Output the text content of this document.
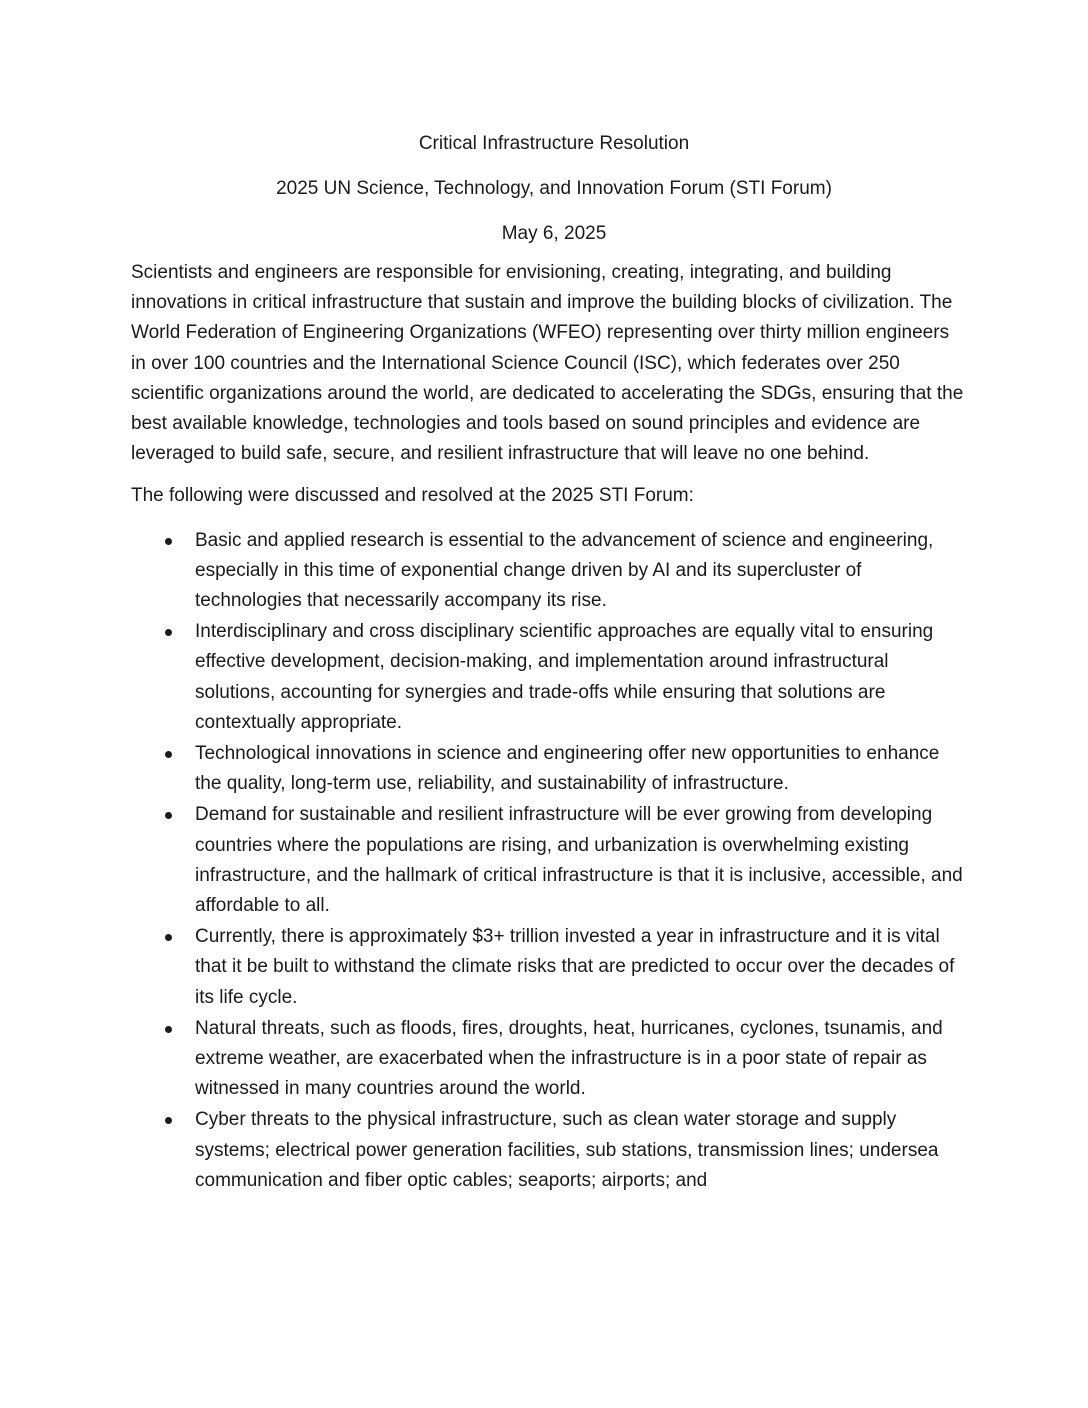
Critical Infrastructure Resolution
2025 UN Science, Technology, and Innovation Forum (STI Forum)
May 6, 2025

Scientists and engineers are responsible for envisioning, creating, integrating, and building innovations in critical infrastructure that sustain and improve the building blocks of civilization. The World Federation of Engineering Organizations (WFEO) representing over thirty million engineers in over 100 countries and the International Science Council (ISC), which federates over 250 scientific organizations around the world, are dedicated to accelerating the SDGs, ensuring that the best available knowledge, technologies and tools based on sound principles and evidence are leveraged to build safe, secure, and resilient infrastructure that will leave no one behind.

The following were discussed and resolved at the 2025 STI Forum:

Basic and applied research is essential to the advancement of science and engineering, especially in this time of exponential change driven by AI and its supercluster of technologies that necessarily accompany its rise.
Interdisciplinary and cross disciplinary scientific approaches are equally vital to ensuring effective development, decision-making, and implementation around infrastructural solutions, accounting for synergies and trade-offs while ensuring that solutions are contextually appropriate.
Technological innovations in science and engineering offer new opportunities to enhance the quality, long-term use, reliability, and sustainability of infrastructure.
Demand for sustainable and resilient infrastructure will be ever growing from developing countries where the populations are rising, and urbanization is overwhelming existing infrastructure, and the hallmark of critical infrastructure is that it is inclusive, accessible, and affordable to all.
Currently, there is approximately $3+ trillion invested a year in infrastructure and it is vital that it be built to withstand the climate risks that are predicted to occur over the decades of its life cycle.
Natural threats, such as floods, fires, droughts, heat, hurricanes, cyclones, tsunamis, and extreme weather, are exacerbated when the infrastructure is in a poor state of repair as witnessed in many countries around the world.
Cyber threats to the physical infrastructure, such as clean water storage and supply systems; electrical power generation facilities, sub stations, transmission lines; undersea communication and fiber optic cables; seaports; airports; and
